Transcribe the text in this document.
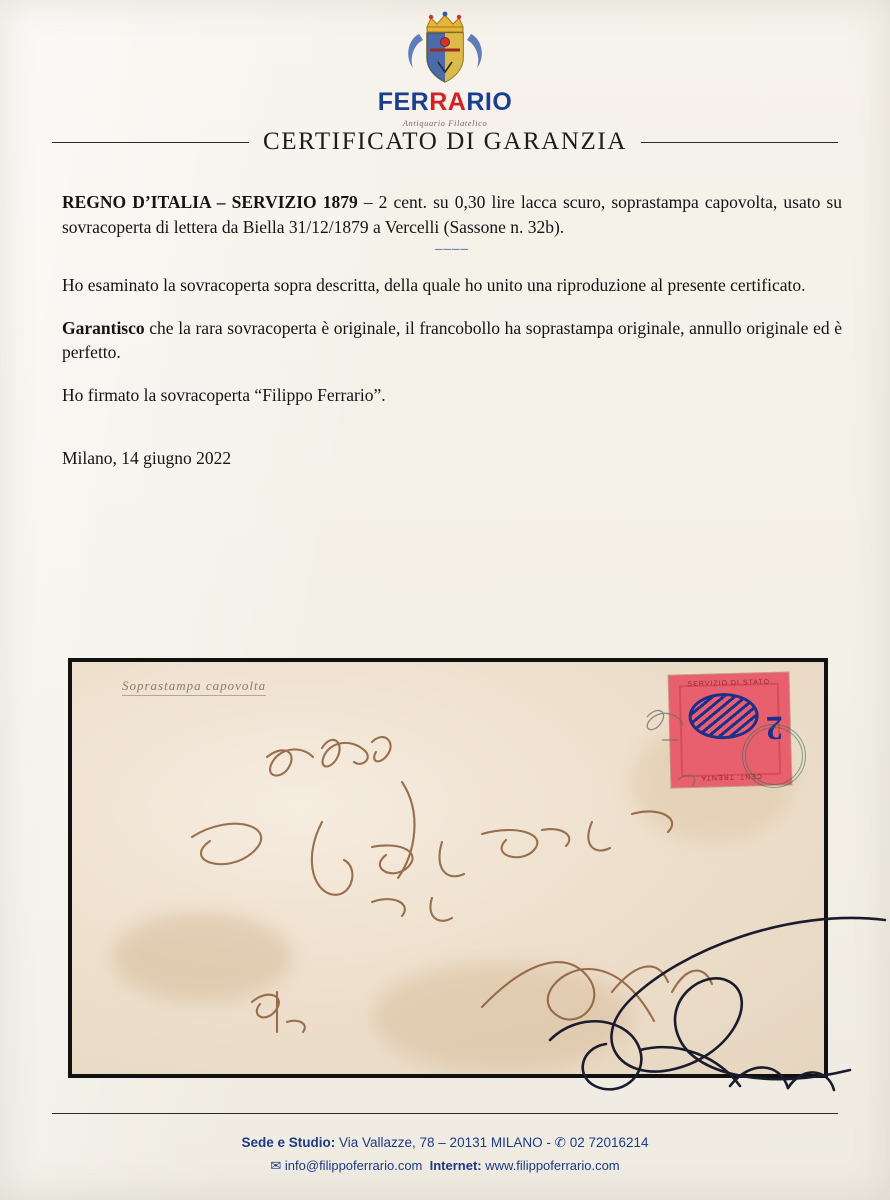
FER RA RIO
Antiquario Filatelico
CERTIFICATO DI GARANZIA

REGNO D’ITALIA – SERVIZIO 1879 – 2 cent. su 0,30 lire lacca scuro, soprastampa capovolta, usato su sovracoperta di lettera da Biella 31/12/1879 a Vercelli (Sassone n. 32b).

––––

Ho esaminato la sovracoperta sopra descritta, della quale ho unito una riproduzione al presente certificato.

Garantisco che la rara sovracoperta è originale, il francobollo ha soprastampa originale, annullo originale ed è perfetto.

Ho firmato la sovracoperta “Filippo Ferrario”.

Milano, 14 giugno 2022

Soprastampa capovolta	SERVIZIO DI STATO
2
CENT. TRENTA
Sede e Studio: Via Vallazze, 78 – 20131 MILANO - ✆ 02 72016214
✉ info@filippoferrario.com Internet: www.filippoferrario.com
